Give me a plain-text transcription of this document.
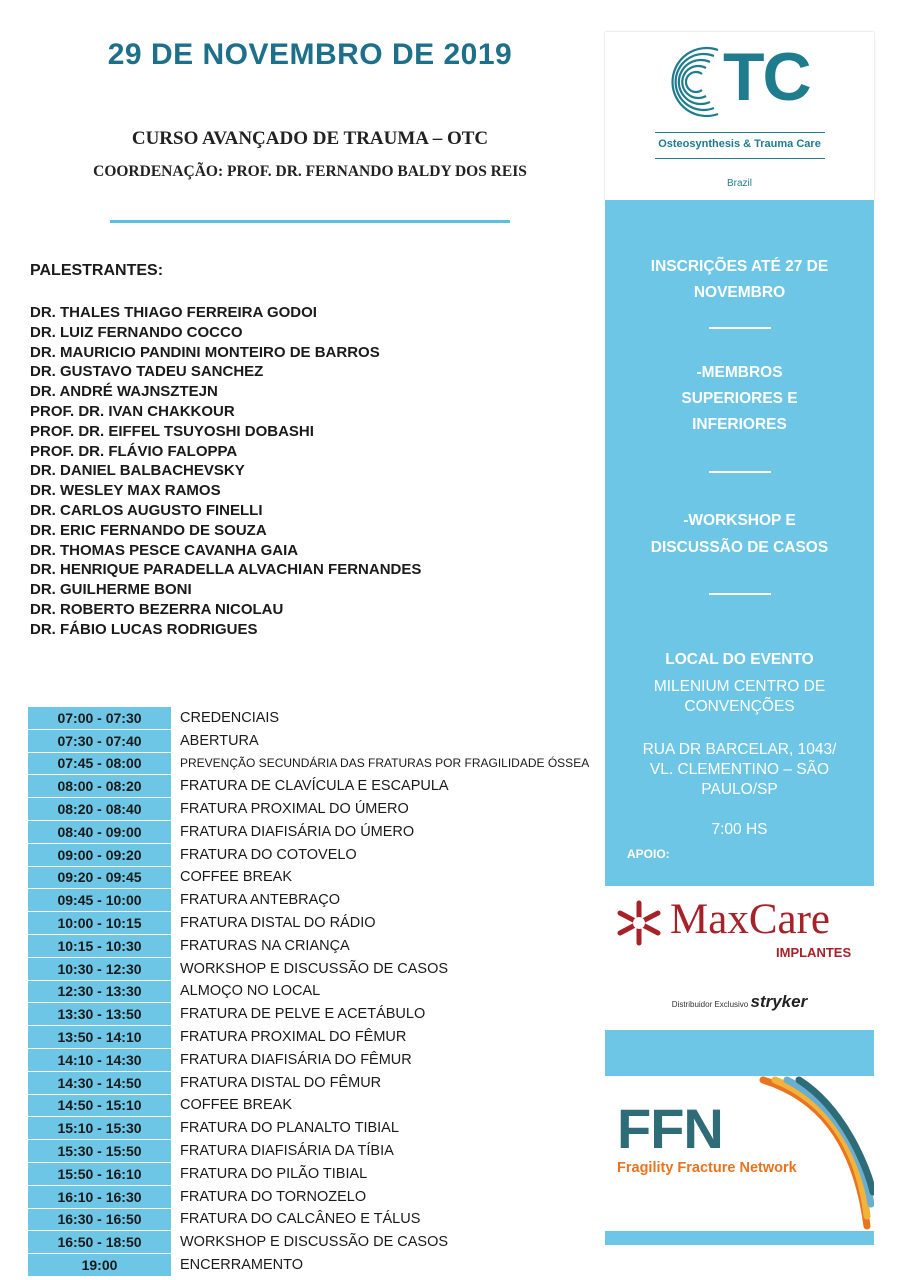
29 DE NOVEMBRO DE 2019
CURSO AVANÇADO DE TRAUMA – OTC
COORDENAÇÃO: PROF. DR. FERNANDO BALDY DOS REIS
PALESTRANTES:
DR. THALES THIAGO FERREIRA GODOI
DR. LUIZ FERNANDO COCCO
DR. MAURICIO PANDINI MONTEIRO DE BARROS
DR. GUSTAVO TADEU SANCHEZ
DR. ANDRÉ WAJNSZTEJN
PROF. DR. IVAN CHAKKOUR
PROF. DR. EIFFEL TSUYOSHI DOBASHI
PROF. DR. FLÁVIO FALOPPA
DR. DANIEL BALBACHEVSKY
DR. WESLEY MAX RAMOS
DR. CARLOS AUGUSTO FINELLI
DR. ERIC FERNANDO DE SOUZA
DR. THOMAS PESCE CAVANHA GAIA
DR. HENRIQUE PARADELLA ALVACHIAN FERNANDES
DR. GUILHERME BONI
DR. ROBERTO BEZERRA NICOLAU
DR. FÁBIO LUCAS RODRIGUES
07:00 - 07:30	CREDENCIAIS
07:30 - 07:40	ABERTURA
07:45 - 08:00	PREVENÇÃO SECUNDÁRIA DAS FRATURAS POR FRAGILIDADE ÓSSEA
08:00 - 08:20	FRATURA DE CLAVÍCULA E ESCAPULA
08:20 - 08:40	FRATURA PROXIMAL DO ÚMERO
08:40 - 09:00	FRATURA DIAFISÁRIA DO ÚMERO
09:00 - 09:20	FRATURA DO COTOVELO
09:20 - 09:45	COFFEE BREAK
09:45 - 10:00	FRATURA ANTEBRAÇO
10:00 - 10:15	FRATURA DISTAL DO RÁDIO
10:15 - 10:30	FRATURAS NA CRIANÇA
10:30 - 12:30	WORKSHOP E DISCUSSÃO DE CASOS
12:30 - 13:30	ALMOÇO NO LOCAL
13:30 - 13:50	FRATURA DE PELVE E ACETÁBULO
13:50 - 14:10	FRATURA PROXIMAL DO FÊMUR
14:10 - 14:30	FRATURA DIAFISÁRIA DO FÊMUR
14:30 - 14:50	FRATURA DISTAL DO FÊMUR
14:50 - 15:10	COFFEE BREAK
15:10 - 15:30	FRATURA DO PLANALTO TIBIAL
15:30 - 15:50	FRATURA DIAFISÁRIA DA TÍBIA
15:50 - 16:10	FRATURA DO PILÃO TIBIAL
16:10 - 16:30	FRATURA DO TORNOZELO
16:30 - 16:50	FRATURA DO CALCÂNEO E TÁLUS
16:50 - 18:50	WORKSHOP E DISCUSSÃO DE CASOS
19:00	ENCERRAMENTO
TC
Osteosynthesis & Trauma Care
Brazil
INSCRIÇÕES ATÉ 27 DE
NOVEMBRO
-MEMBROS
SUPERIORES E
INFERIORES
-WORKSHOP E
DISCUSSÃO DE CASOS
LOCAL DO EVENTO
MILENIUM CENTRO DE
CONVENÇÕES
RUA DR BARCELAR, 1043/
VL. CLEMENTINO – SÃO
PAULO/SP
7:00 HS
APOIO:
MaxCare
IMPLANTES
Distribuidor Exclusivo stryker
FFN
Fragility Fracture Network
